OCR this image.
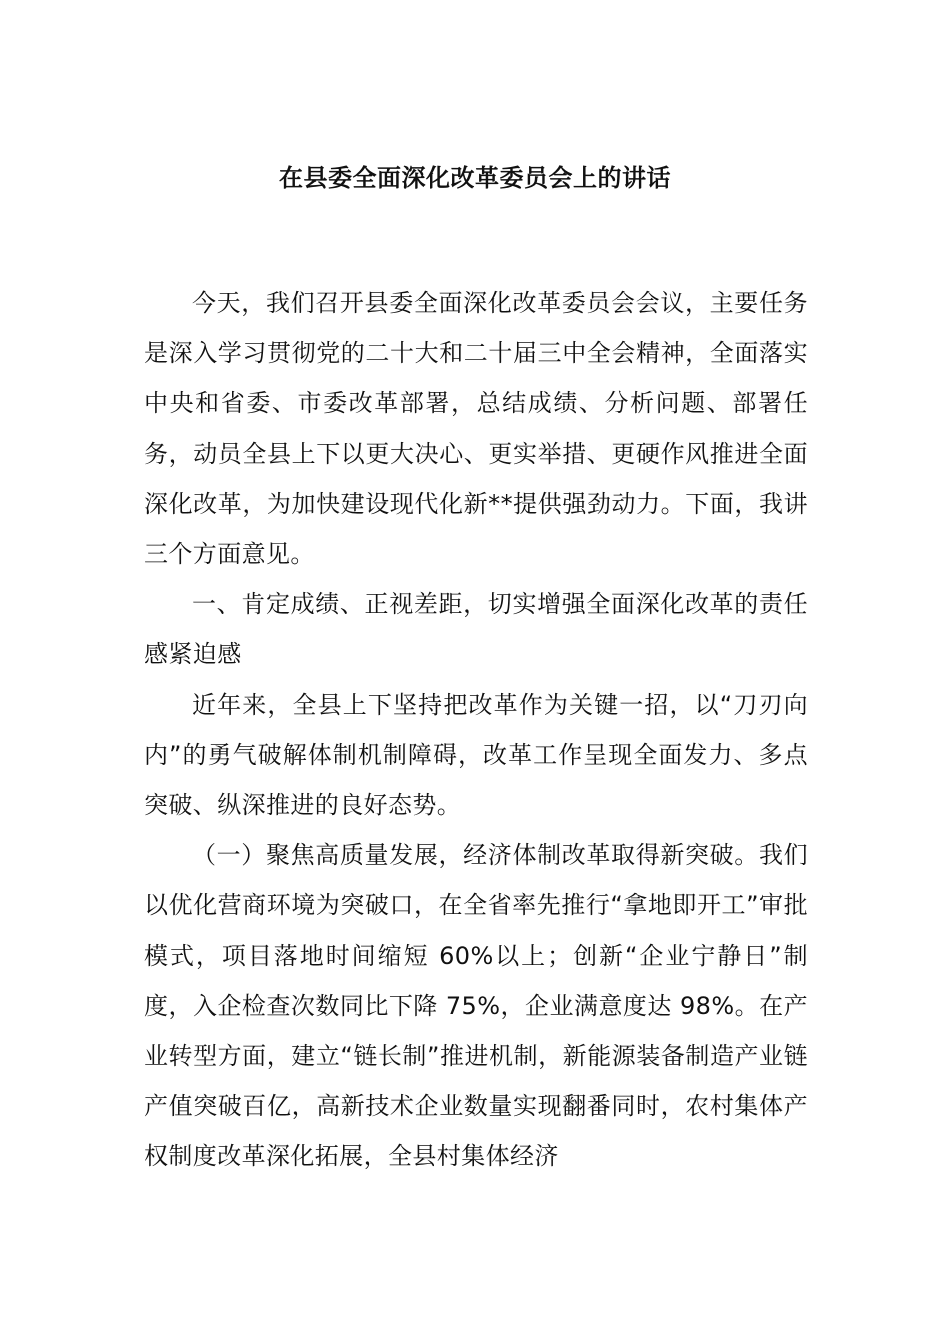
在县委全面深化改革委员会上的讲话

今天，我们召开县委全面深化改革委员会会议，主要任务是深入学习贯彻党的二十大和二十届三中全会精神，全面落实中央和省委、市委改革部署，总结成绩、分析问题、部署任务，动员全县上下以更大决心、更实举措、更硬作风推进全面深化改革，为加快建设现代化新**提供强劲动力。下面，我讲三个方面意见。

一、肯定成绩、正视差距，切实增强全面深化改革的责任感紧迫感

近年来，全县上下坚持把改革作为关键一招，以“刀刃向内”的勇气破解体制机制障碍，改革工作呈现全面发力、多点突破、纵深推进的良好态势。

（一）聚焦高质量发展，经济体制改革取得新突破。我们以优化营商环境为突破口，在全省率先推行“拿地即开工”审批模式，项目落地时间缩短 60%以上；创新“企业宁静日”制度，入企检查次数同比下降 75%，企业满意度达 98%。在产业转型方面，建立“链长制”推进机制，新能源装备制造产业链产值突破百亿，高新技术企业数量实现翻番同时，农村集体产权制度改革深化拓展，全县村集体经济
